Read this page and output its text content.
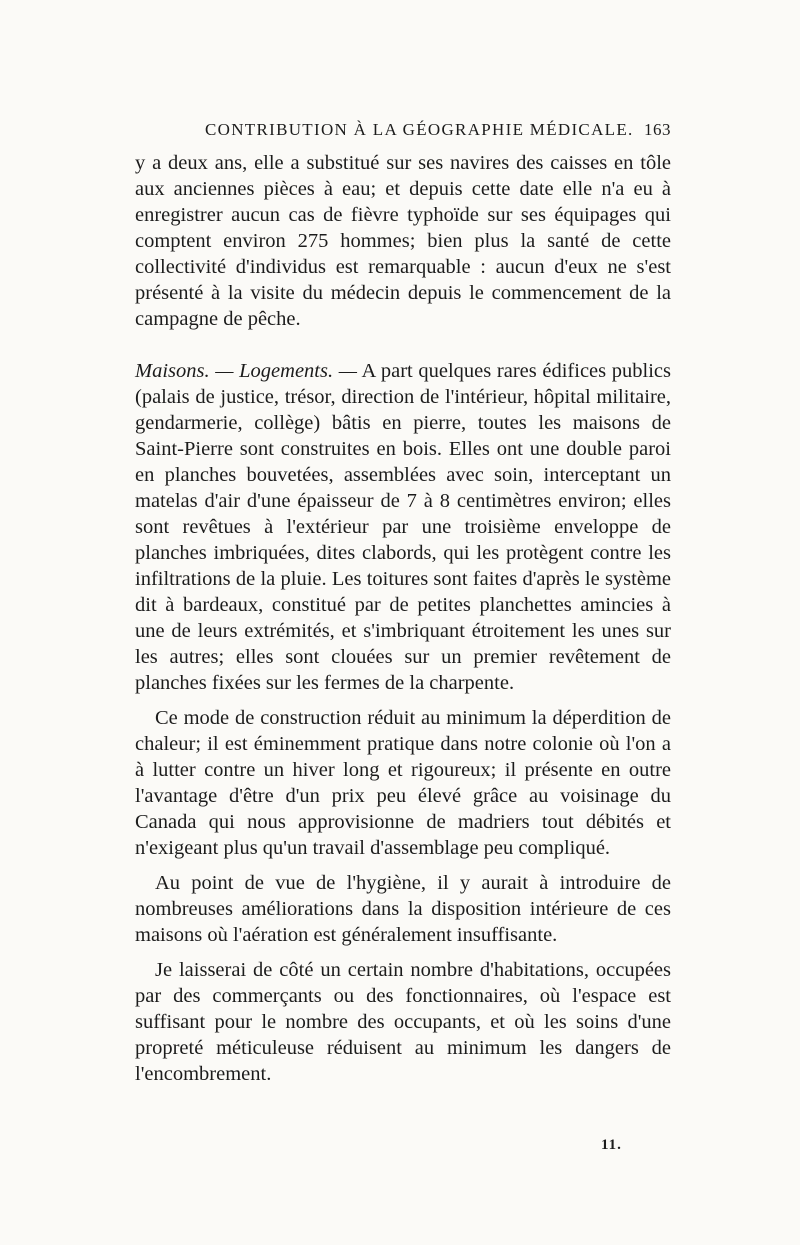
CONTRIBUTION À LA GÉOGRAPHIE MÉDICALE. 163

y a deux ans, elle a substitué sur ses navires des caisses en tôle aux anciennes pièces à eau; et depuis cette date elle n'a eu à enregistrer aucun cas de fièvre typhoïde sur ses équipages qui comptent environ 275 hommes; bien plus la santé de cette collectivité d'individus est remarquable : aucun d'eux ne s'est présenté à la visite du médecin depuis le commencement de la campagne de pêche.

Maisons. — Logements. — A part quelques rares édifices publics (palais de justice, trésor, direction de l'intérieur, hôpital militaire, gendarmerie, collège) bâtis en pierre, toutes les maisons de Saint-Pierre sont construites en bois. Elles ont une double paroi en planches bouvetées, assemblées avec soin, interceptant un matelas d'air d'une épaisseur de 7 à 8 centimètres environ; elles sont revêtues à l'extérieur par une troisième enveloppe de planches imbriquées, dites clabords, qui les protègent contre les infiltrations de la pluie. Les toitures sont faites d'après le système dit à bardeaux, constitué par de petites planchettes amincies à une de leurs extrémités, et s'imbriquant étroitement les unes sur les autres; elles sont clouées sur un premier revêtement de planches fixées sur les fermes de la charpente.

Ce mode de construction réduit au minimum la déperdition de chaleur; il est éminemment pratique dans notre colonie où l'on a à lutter contre un hiver long et rigoureux; il présente en outre l'avantage d'être d'un prix peu élevé grâce au voisinage du Canada qui nous approvisionne de madriers tout débités et n'exigeant plus qu'un travail d'assemblage peu compliqué.

Au point de vue de l'hygiène, il y aurait à introduire de nombreuses améliorations dans la disposition intérieure de ces maisons où l'aération est généralement insuffisante.

Je laisserai de côté un certain nombre d'habitations, occupées par des commerçants ou des fonctionnaires, où l'espace est suffisant pour le nombre des occupants, et où les soins d'une propreté méticuleuse réduisent au minimum les dangers de l'encombrement.

11.
